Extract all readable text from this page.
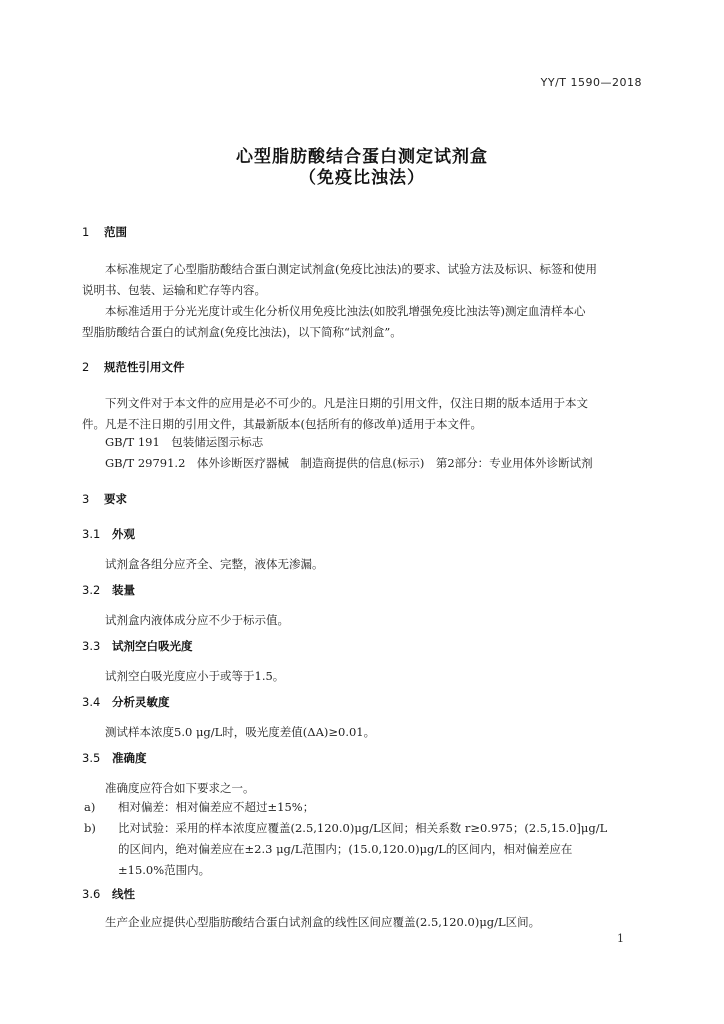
YY/T 1590—2018
心型脂肪酸结合蛋白测定试剂盒
（免疫比浊法）
1 范围
本标准规定了心型脂肪酸结合蛋白测定试剂盒(免疫比浊法)的要求、试验方法及标识、标签和使用
说明书、包装、运输和贮存等内容。
本标准适用于分光光度计或生化分析仪用免疫比浊法(如胶乳增强免疫比浊法等)测定血清样本心
型脂肪酸结合蛋白的试剂盒(免疫比浊法)，以下简称“试剂盒”。
2 规范性引用文件
下列文件对于本文件的应用是必不可少的。凡是注日期的引用文件，仅注日期的版本适用于本文
件。凡是不注日期的引用文件，其最新版本(包括所有的修改单)适用于本文件。
GB/T 191　包装储运图示标志
GB/T 29791.2　体外诊断医疗器械　制造商提供的信息(标示)　第2部分：专业用体外诊断试剂
3 要求
3.1 外观
试剂盒各组分应齐全、完整，液体无渗漏。
3.2 装量
试剂盒内液体成分应不少于标示值。
3.3 试剂空白吸光度
试剂空白吸光度应小于或等于1.5。
3.4 分析灵敏度
测试样本浓度5.0 μg/L时，吸光度差值(ΔA)≥0.01。
3.5 准确度
准确度应符合如下要求之一。
a) 相对偏差：相对偏差应不超过±15%；
b) 比对试验：采用的样本浓度应覆盖(2.5,120.0)μg/L区间；相关系数 r≥0.975；(2.5,15.0]μg/L
的区间内，绝对偏差应在±2.3 μg/L范围内；(15.0,120.0)μg/L的区间内，相对偏差应在
±15.0%范围内。
3.6 线性
生产企业应提供心型脂肪酸结合蛋白试剂盒的线性区间应覆盖(2.5,120.0)μg/L区间。
1
